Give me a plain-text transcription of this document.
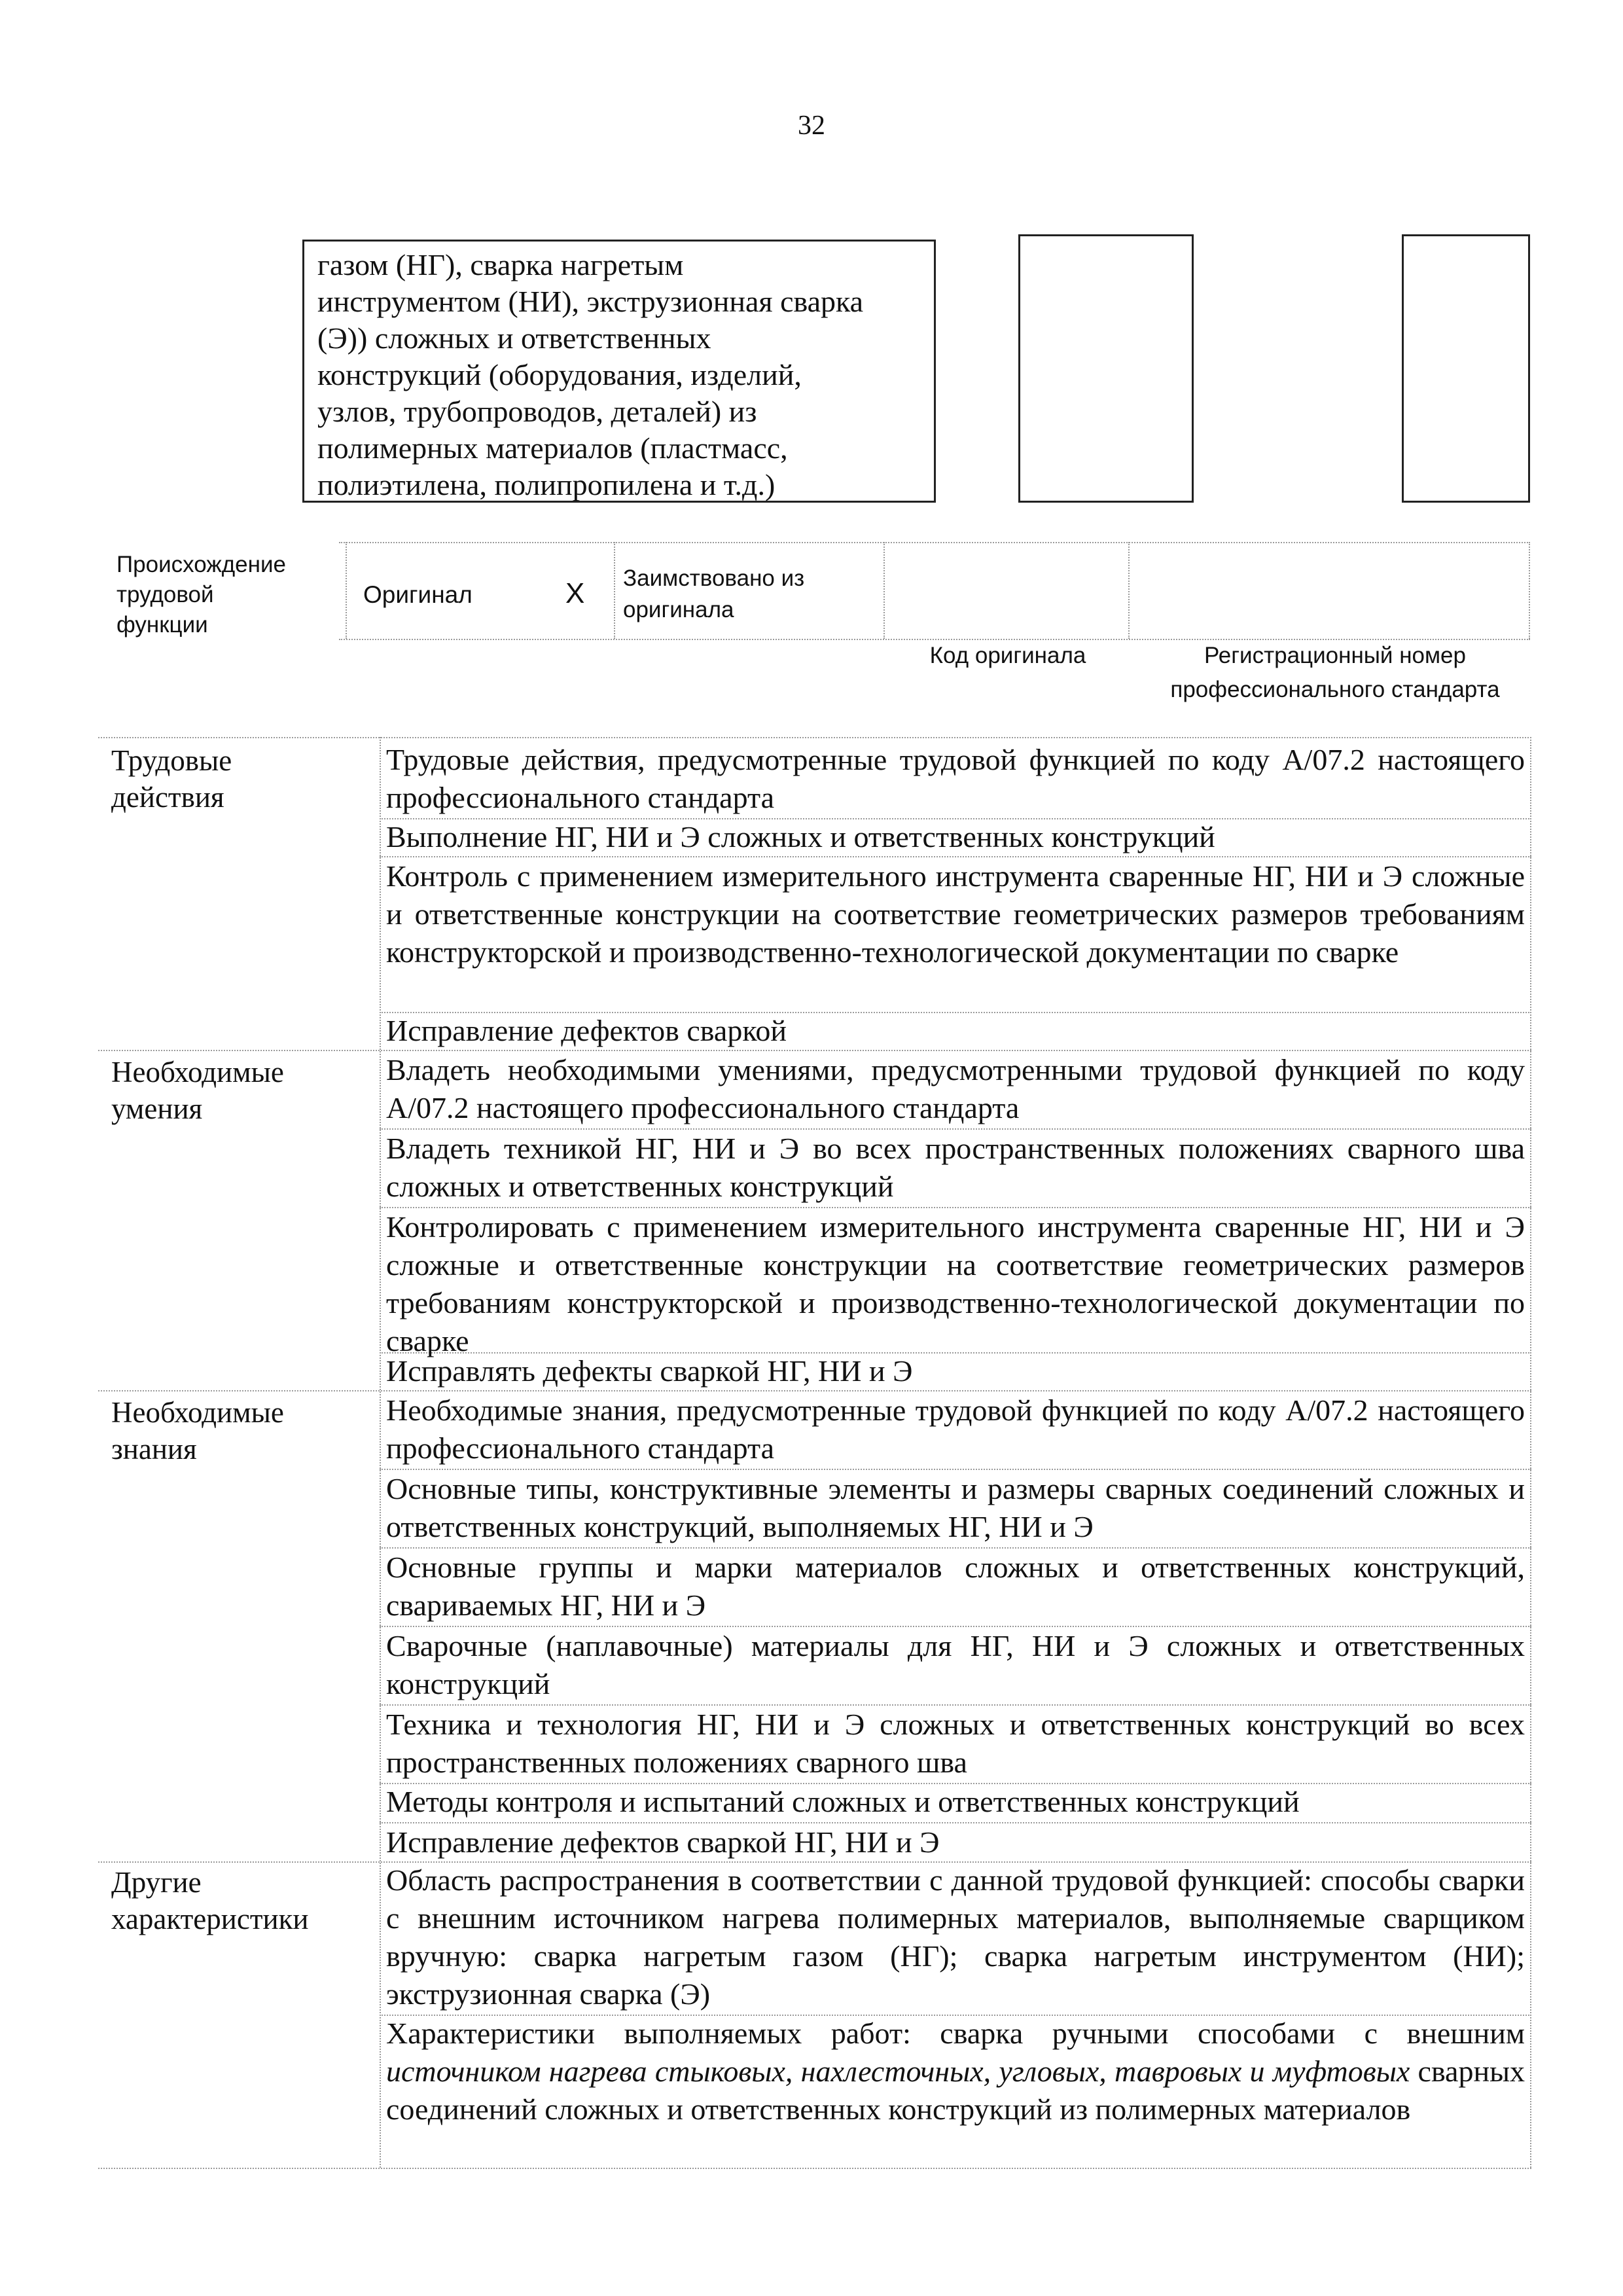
32
газом (НГ), сварка нагретым
инструментом (НИ), экструзионная сварка
(Э)) сложных и ответственных
конструкций (оборудования, изделий,
узлов, трубопроводов, деталей) из
полимерных материалов (пластмасс,
полиэтилена, полипропилена и т.д.)
Происхождение
трудовой
функции
Оригинал	X Заимствовано из
оригинала
Код оригинала	Регистрационный номер
профессионального стандарта
Трудовые
действия
Трудовые действия, предусмотренные трудовой функцией по коду А/07.2 настоящего профессионального стандарта
Выполнение НГ, НИ и Э сложных и ответственных конструкций
Контроль с применением измерительного инструмента сваренные НГ, НИ и Э сложные и ответственные конструкции на соответствие геометрических размеров требованиям конструкторской и производственно-технологической документации по сварке
Исправление дефектов сваркой
Необходимые
умения
Владеть необходимыми умениями, предусмотренными трудовой функцией по коду А/07.2 настоящего профессионального стандарта
Владеть техникой НГ, НИ и Э во всех пространственных положениях сварного шва сложных и ответственных конструкций
Контролировать с применением измерительного инструмента сваренные НГ, НИ и Э сложные и ответственные конструкции на соответствие геометрических размеров требованиям конструкторской и производственно-технологической документации по сварке
Исправлять дефекты сваркой НГ, НИ и Э
Необходимые
знания
Необходимые знания, предусмотренные трудовой функцией по коду А/07.2 настоящего профессионального стандарта
Основные типы, конструктивные элементы и размеры сварных соединений сложных и ответственных конструкций, выполняемых НГ, НИ и Э
Основные группы и марки материалов сложных и ответственных конструкций, свариваемых НГ, НИ и Э
Сварочные (наплавочные) материалы для НГ, НИ и Э сложных и ответственных конструкций
Техника и технология НГ, НИ и Э сложных и ответственных конструкций во всех пространственных положениях сварного шва
Методы контроля и испытаний сложных и ответственных конструкций
Исправление дефектов сваркой НГ, НИ и Э
Другие
характеристики
Область распространения в соответствии с данной трудовой функцией: способы сварки с внешним источником нагрева полимерных материалов, выполняемые сварщиком вручную: сварка нагретым газом (НГ); сварка нагретым инструментом (НИ); экструзионная сварка (Э)
Характеристики выполняемых работ: сварка ручными способами с внешним источником нагрева стыковых, нахлесточных, угловых, тавровых и муфтовых сварных соединений сложных и ответственных конструкций из полимерных материалов
